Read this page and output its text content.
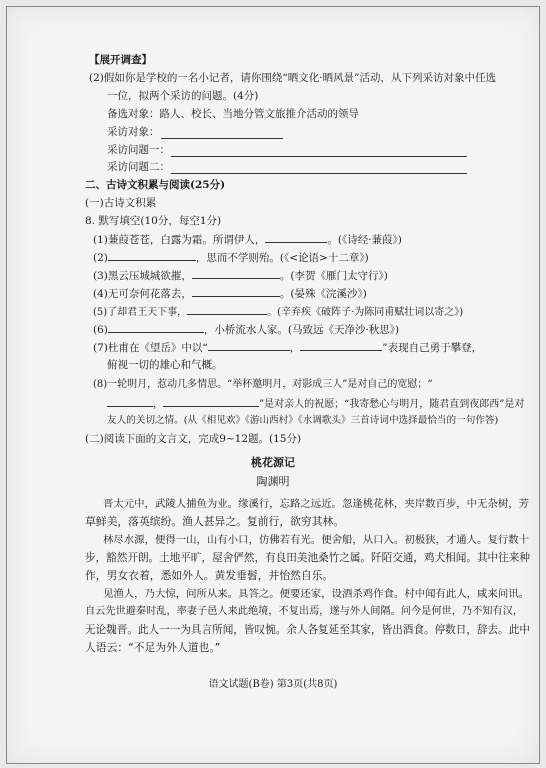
【展开调查】
(2)假如你是学校的一名小记者，请你围绕“晒文化·晒风景”活动，从下列采访对象中任选
一位，拟两个采访的问题。(4分)
备选对象：路人、校长、当地分管文旅推介活动的领导
采访对象：
采访问题一：
采访问题二：
二、古诗文积累与阅读(25分)
(一)古诗文积累
8. 默写填空(10分，每空1分)
(1)蒹葭苍苍，白露为霜。所谓伊人，	。(《诗经·蒹葭》)
(2)	，思而不学则殆。(《<论语>十二章》)
(3)黑云压城城欲摧，	。(李贺《雁门太守行》)
(4)无可奈何花落去，	。(晏殊《浣溪沙》)
(5)了却君王天下事，	。(辛弃疾《破阵子·为陈同甫赋壮词以寄之》)
(6)	，小桥流水人家。(马致远《天净沙·秋思》)
(7)杜甫在《望岳》中以“	，	”表现自己勇于攀登，
俯视一切的雄心和气概。
(8)一轮明月，惹动几多情思。“举杯邀明月，对影成三人”是对自己的宽慰；“
，	”是对亲人的祝愿；“我寄愁心与明月，随君直到夜郎西”是对
友人的关切之情。(从《相见欢》《游山西村》《水调歌头》三首诗词中选择最恰当的一句作答)
(二)阅读下面的文言文，完成9~12题。(15分)
桃花源记
陶渊明
晋太元中，武陵人捕鱼为业。缘溪行，忘路之远近。忽逢桃花林，夹岸数百步，中无杂树，芳
草鲜美，落英缤纷。渔人甚异之。复前行，欲穷其林。
林尽水源，便得一山，山有小口，仿佛若有光。便舍船，从口入。初极狭，才通人。复行数十
步，豁然开朗。土地平旷，屋舍俨然，有良田美池桑竹之属。阡陌交通，鸡犬相闻。其中往来种
作，男女衣着，悉如外人。黄发垂髫，并怡然自乐。
见渔人，乃大惊，问所从来。具答之。便要还家，设酒杀鸡作食。村中闻有此人，咸来问讯。
自云先世避秦时乱，率妻子邑人来此绝境，不复出焉，遂与外人间隔。问今是何世，乃不知有汉，
无论魏晋。此人一一为具言所闻，皆叹惋。余人各复延至其家，皆出酒食。停数日，辞去。此中
人语云：“不足为外人道也。”
语文试题(B卷) 第3页(共8页)
